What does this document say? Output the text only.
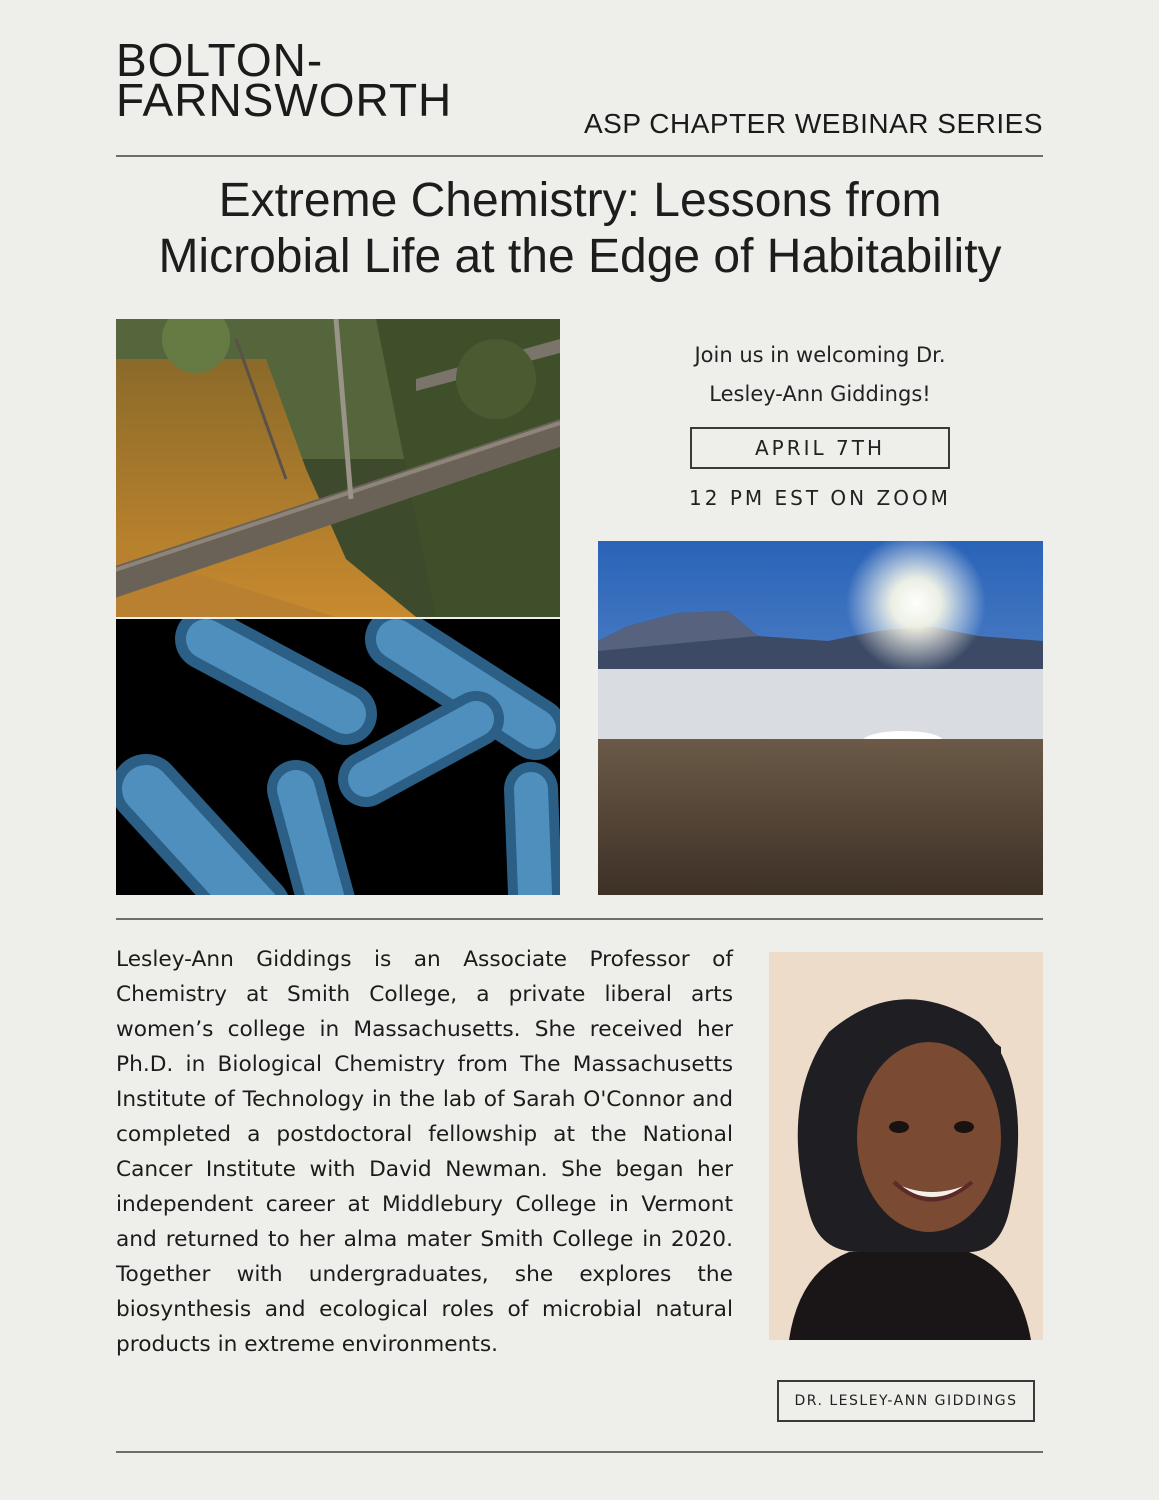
BOLTON-
FARNSWORTH	ASP CHAPTER WEBINAR SERIES
Extreme Chemistry: Lessons from
Microbial Life at the Edge of Habitability
Join us in welcoming Dr.
Lesley-Ann Giddings!
APRIL 7TH
12 PM EST ON ZOOM
Lesley-Ann Giddings is an Associate Professor of Chemistry at Smith College, a private liberal arts women’s college in Massachusetts. She received her Ph.D. in Biological Chemistry from The Massachusetts Institute of Technology in the lab of Sarah O'Connor and completed a postdoctoral fellowship at the National Cancer Institute with David Newman. She began her independent career at Middlebury College in Vermont and returned to her alma mater Smith College in 2020. Together with undergraduates, she explores the biosynthesis and ecological roles of microbial natural products in extreme environments.
DR. LESLEY-ANN GIDDINGS
